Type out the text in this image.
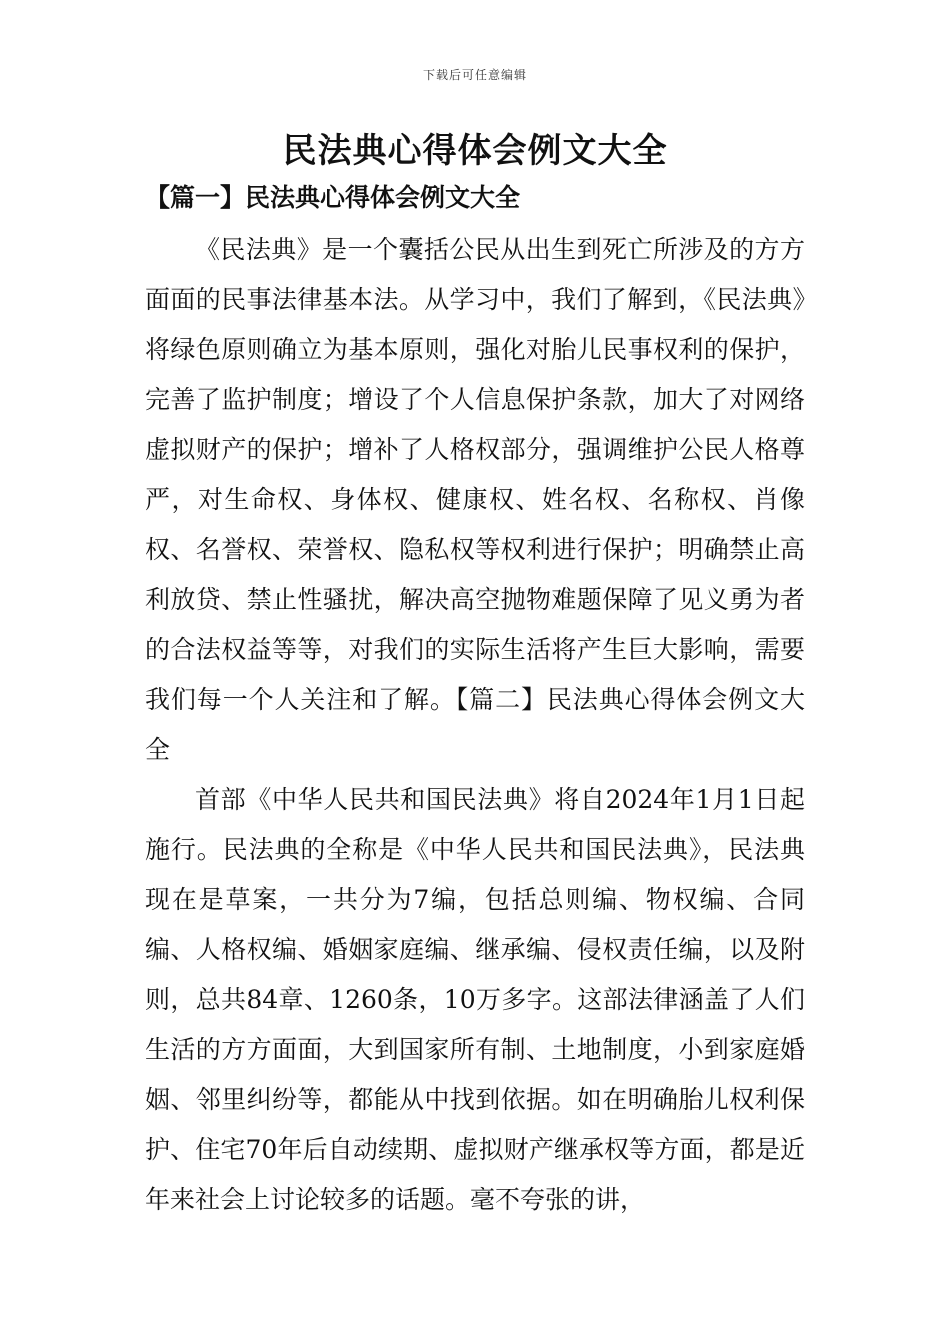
下载后可任意编辑
民法典心得体会例文大全
【篇一】民法典心得体会例文大全

《民法典》是一个囊括公民从出生到死亡所涉及的方方面面的民事法律基本法。从学习中，我们了解到，《民法典》将绿色原则确立为基本原则，强化对胎儿民事权利的保护，完善了监护制度；增设了个人信息保护条款，加大了对网络虚拟财产的保护；增补了人格权部分，强调维护公民人格尊严，对生命权、身体权、健康权、姓名权、名称权、肖像权、名誉权、荣誉权、隐私权等权利进行保护；明确禁止高利放贷、禁止性骚扰，解决高空抛物难题保障了见义勇为者的合法权益等等，对我们的实际生活将产生巨大影响，需要我们每一个人关注和了解。【篇二】民法典心得体会例文大全

首部《中华人民共和国民法典》将自2024年1月1日起施行。民法典的全称是《中华人民共和国民法典》，民法典现在是草案，一共分为7编，包括总则编、物权编、合同编、人格权编、婚姻家庭编、继承编、侵权责任编，以及附则，总共84章、1260条，10万多字。这部法律涵盖了人们生活的方方面面，大到国家所有制、土地制度，小到家庭婚姻、邻里纠纷等，都能从中找到依据。如在明确胎儿权利保护、住宅70年后自动续期、虚拟财产继承权等方面，都是近年来社会上讨论较多的话题。毫不夸张的讲，
